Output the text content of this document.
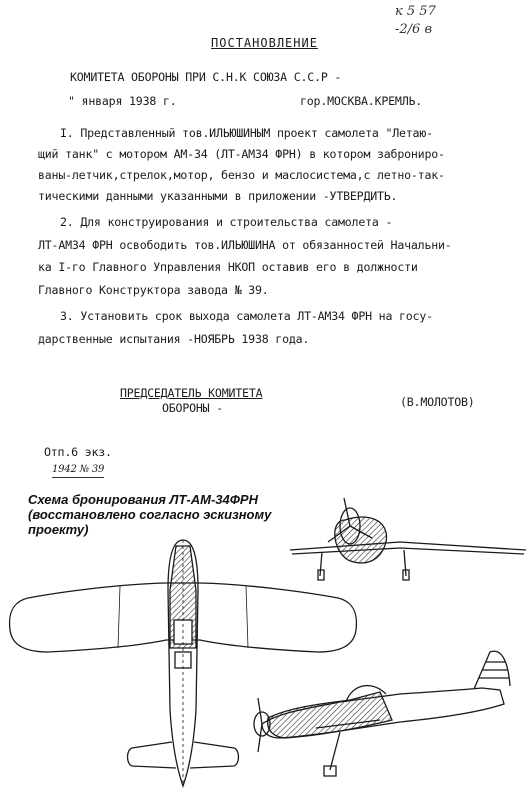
к 5 57
-2/6 в
ПОСТАНОВЛЕНИЕ
КОМИТЕТА ОБОРОНЫ ПРИ С.Н.К СОЮЗА С.С.Р -
" января 1938 г.	гор.МОСКВА.КРЕМЛЬ.
I. Представленный тов.ИЛЬЮШИНЫМ проект самолета "Летаю-
щий танк" с мотором АМ-34 (ЛТ-АМ34 ФРН) в котором забронирo-
ваны-летчик,стрелок,мотор, бензо и маслосистема,с летно-так-
тическими данными указанными в приложении -УТВЕРДИТЬ.
2. Для конструирования и строительства самолета -
ЛТ-АМ34 ФРН освободить тов.ИЛЬЮШИНА от обязанностей Начальни-
ка I-го Главного Управления НКОП оставив его в должности
Главного Конструктора завода № 39.
3. Установить срок выхода самолета ЛТ-АМ34 ФРН на госу-
дарственные испытания -НОЯБРЬ 1938 года.
ПРЕДСЕДАТЕЛЬ КОМИТЕТА
ОБОРОНЫ -	(В.МОЛОТОВ)
Отп.6 экз.
1942 № 39
Схема бронирования ЛТ-АМ-34ФРН
(восстановлено согласно эскизному
проекту)
